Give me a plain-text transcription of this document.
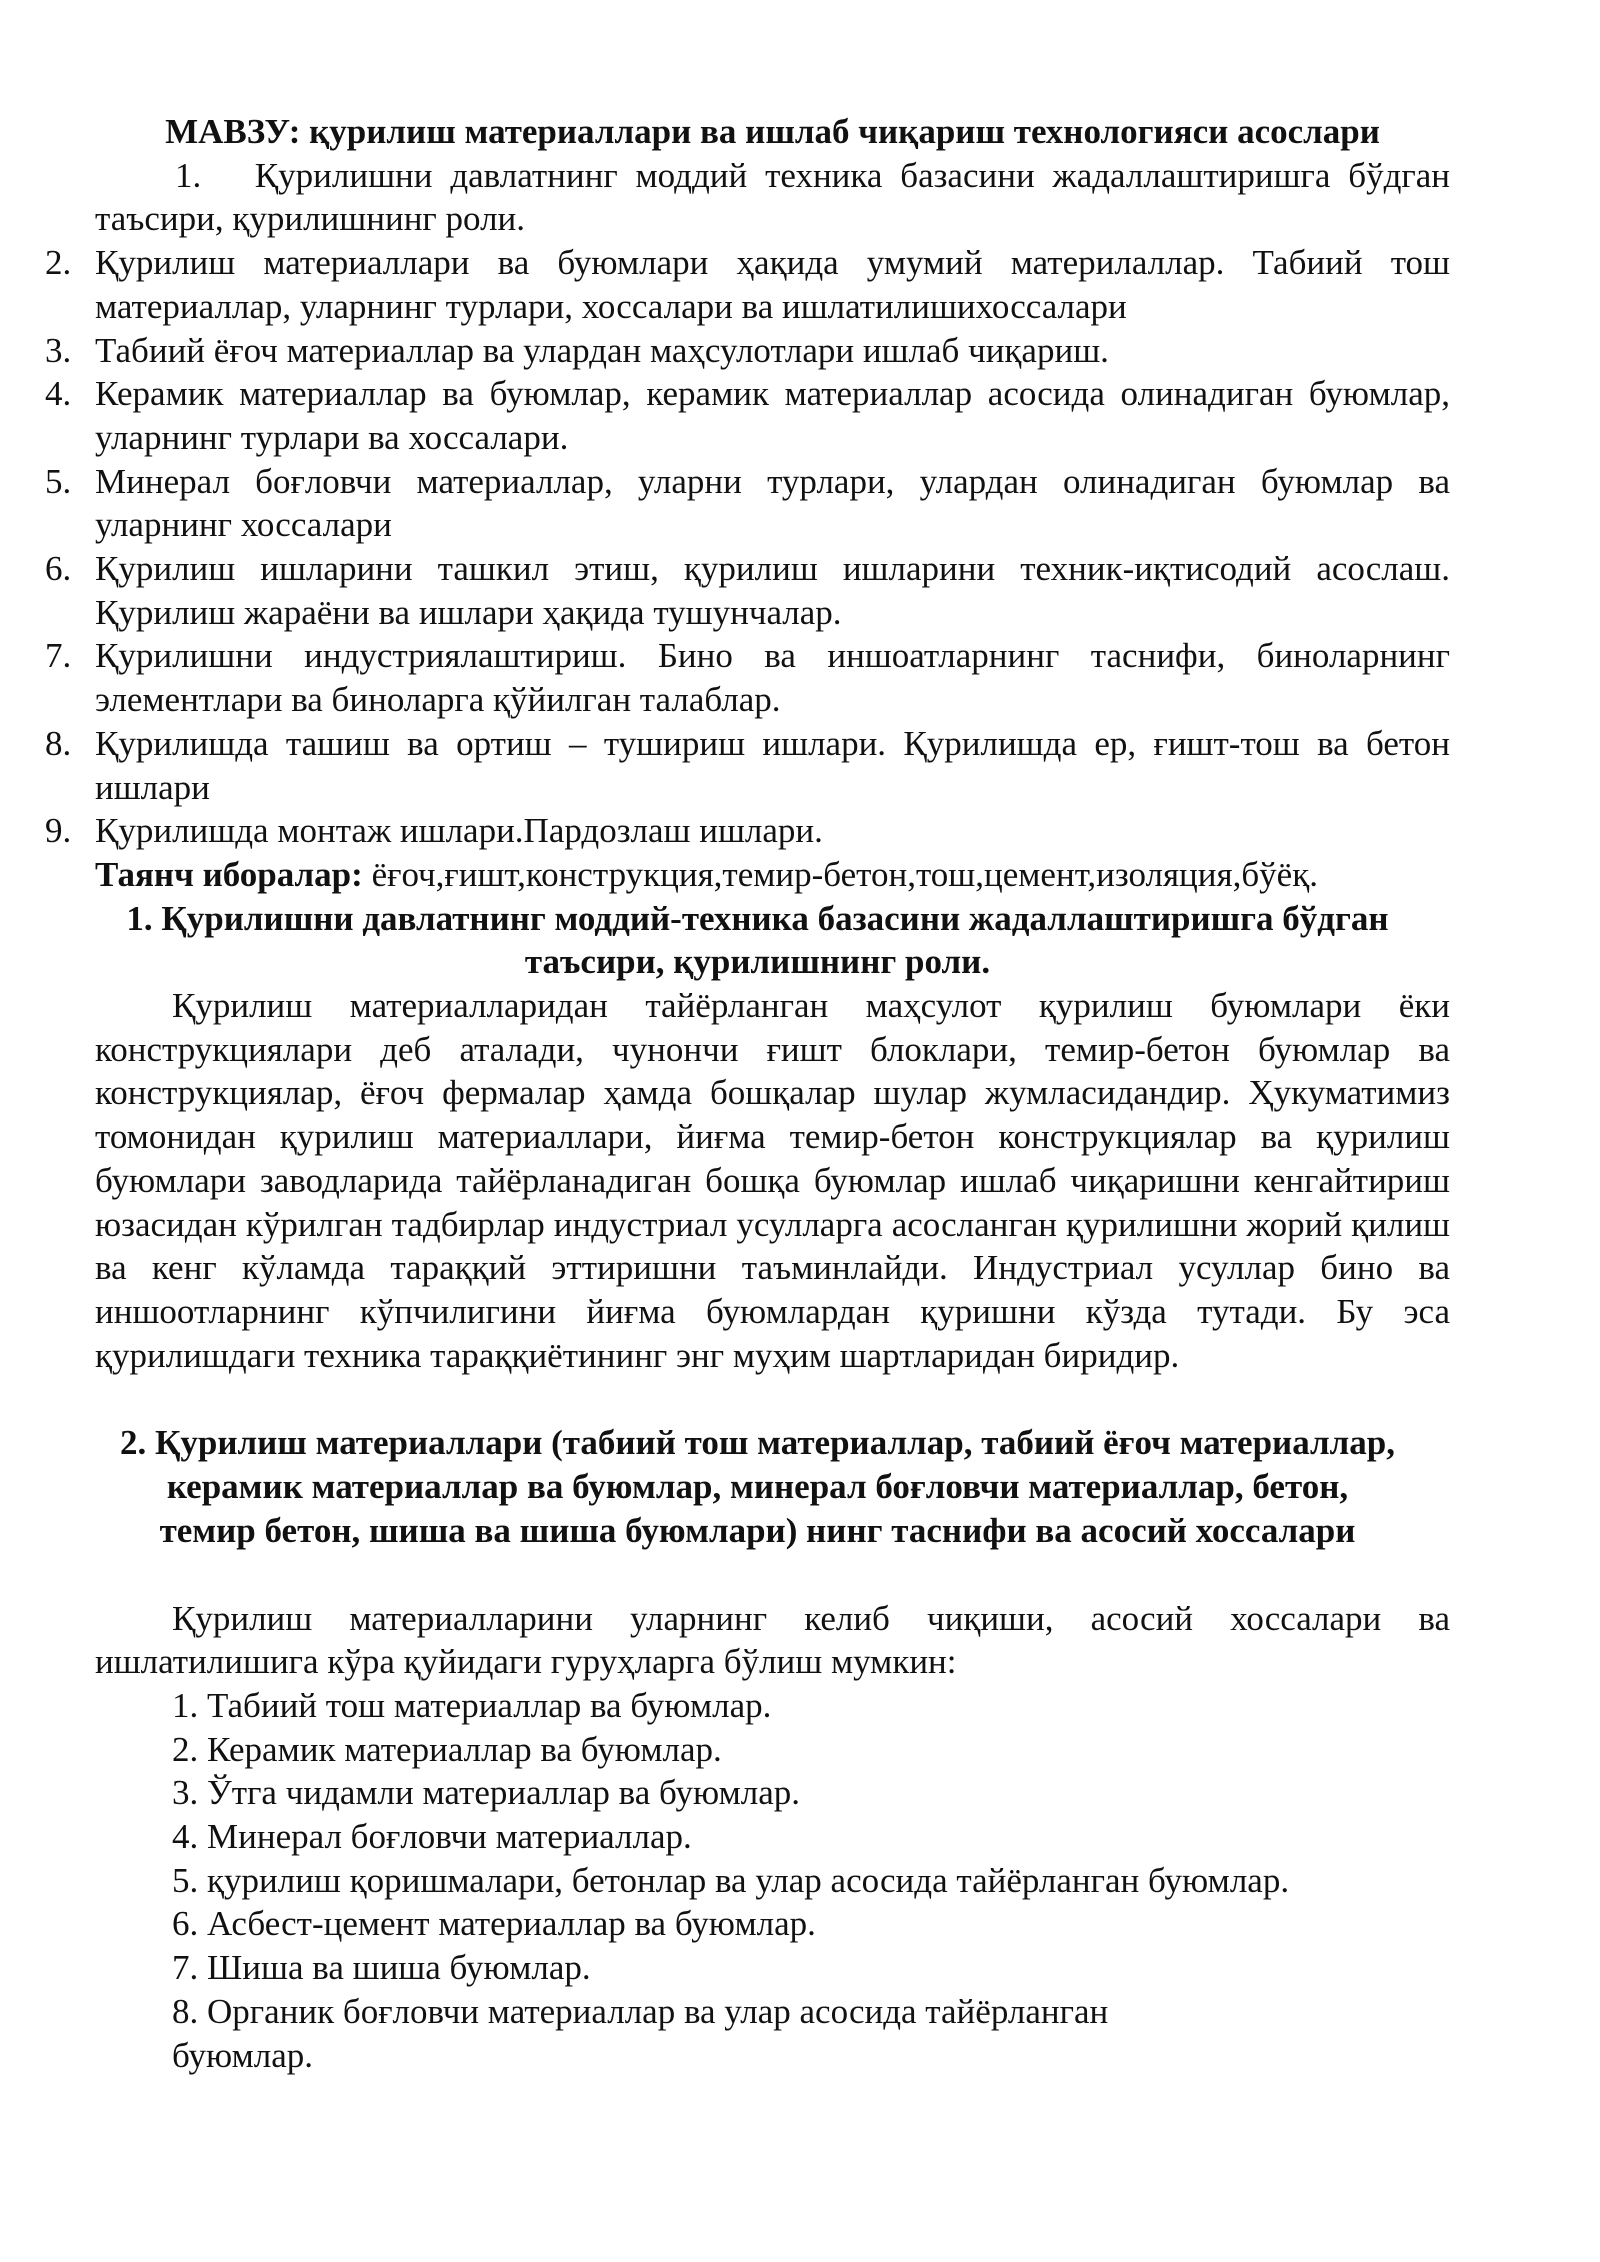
МАВЗУ: қурилиш материаллари ва ишлаб чиқариш технологияси асослари
1. Қурилишни давлатнинг моддий техника базасини жадаллаштиришга бўдган таъсири, қурилишнинг роли.
2. Қурилиш материаллари ва буюмлари ҳақида умумий материлаллар. Табиий тош материаллар, уларнинг турлари, хоссалари ва ишлатилишихоссалари
3. Табиий ёғоч материаллар ва улардан маҳсулотлари ишлаб чиқариш.
4. Керамик материаллар ва буюмлар, керамик материаллар асосида олинадиган буюмлар, уларнинг турлари ва хоссалари.
5. Минерал боғловчи материаллар, уларни турлари, улардан олинадиган буюмлар ва уларнинг хоссалари
6. Қурилиш ишларини ташкил этиш, қурилиш ишларини техник-иқтисодий асослаш. Қурилиш жараёни ва ишлари ҳақида тушунчалар.
7. Қурилишни индустриялаштириш. Бино ва иншоатларнинг таснифи, биноларнинг элементлари ва биноларга қўйилган талаблар.
8. Қурилишда ташиш ва ортиш – тушириш ишлари. Қурилишда ер, ғишт-тош ва бетон ишлари
9. Қурилишда монтаж ишлари.Пардозлаш ишлари.
Таянч иборалар: ёғоч,ғишт,конструкция,темир-бетон,тош,цемент,изоляция,бўёқ.
1. Қурилишни давлатнинг моддий-техника базасини жадаллаштиришга бўдган
таъсири, қурилишнинг роли.
Қурилиш материалларидан тайёрланган маҳсулот қурилиш буюмлари ёки конструкциялари деб аталади, чунончи ғишт блоклари, темир-бетон буюмлар ва конструкциялар, ёғоч фермалар ҳамда бошқалар шулар жумласидандир. Ҳукуматимиз томонидан қурилиш материаллари, йиғма темир-бетон конструкциялар ва қурилиш буюмлари заводларида тайёрланадиган бошқа буюмлар ишлаб чиқаришни кенгайтириш юзасидан кўрилган тадбирлар индустриал усулларга асосланган қурилишни жорий қилиш ва кенг кўламда тараққий эттиришни таъминлайди. Индустриал усуллар бино ва иншоотларнинг кўпчилигини йиғма буюмлардан қуришни кўзда тутади. Бу эса қурилишдаги техника тараққиётининг энг муҳим шартларидан биридир.
2. Қурилиш материаллари (табиий тош материаллар, табиий ёғоч материаллар,
керамик материаллар ва буюмлар, минерал боғловчи материаллар, бетон,
темир бетон, шиша ва шиша буюмлари) нинг таснифи ва асосий хоссалари
Қурилиш материалларини уларнинг келиб чиқиши, асосий хоссалари ва ишлатилишига кўра қуйидаги гуруҳларга бўлиш мумкин:
1. Табиий тош материаллар ва буюмлар.
2. Керамик материаллар ва буюмлар.
3. Ўтга чидамли материаллар ва буюмлар.
4. Минерал боғловчи материаллар.
5. қурилиш қоришмалари, бетонлар ва улар асосида тайёрланган буюмлар.
6. Асбест-цемент материаллар ва буюмлар.
7. Шиша ва шиша буюмлар.
8. Органик боғловчи материаллар ва улар асосида тайёрланган
буюмлар.
